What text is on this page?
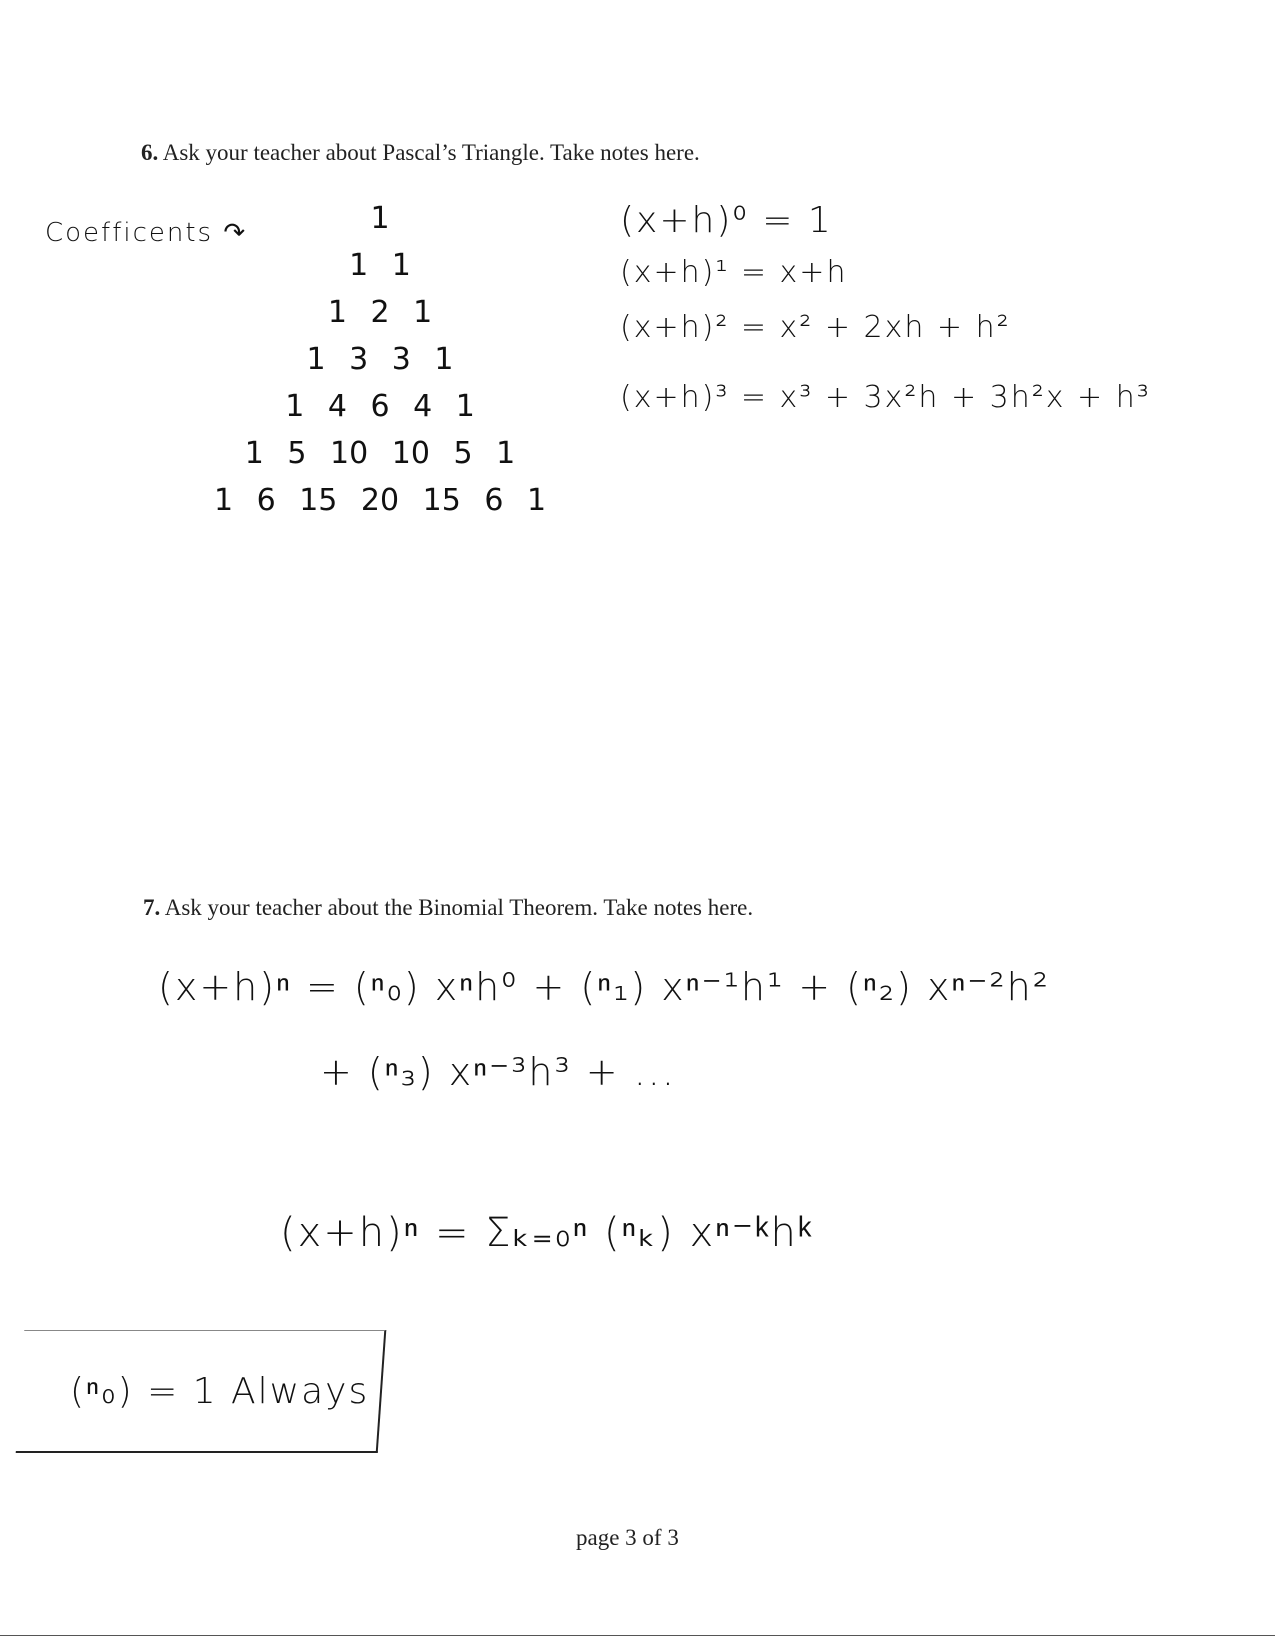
6. Ask your teacher about Pascal’s Triangle. Take notes here.
Coefficents ↷	1
1 1
1 2 1
1 3 3 1
1 4 6 4 1
1 5 10 10 5 1
1 6 15 20 15 6 1
(x+h)⁰ = 1
(x+h)¹ = x+h
(x+h)² = x² + 2xh + h²
(x+h)³ = x³ + 3x²h + 3h²x + h³
7. Ask your teacher about the Binomial Theorem. Take notes here.
(x+h)ⁿ = (ⁿ₀) xⁿh⁰ + (ⁿ₁) xⁿ⁻¹h¹ + (ⁿ₂) xⁿ⁻²h²
+ (ⁿ₃) xⁿ⁻³h³ + ...
(x+h)ⁿ = Σₖ₌₀ⁿ (ⁿₖ) xⁿ⁻ᵏhᵏ
(ⁿ₀) = 1 Always
page 3 of 3
